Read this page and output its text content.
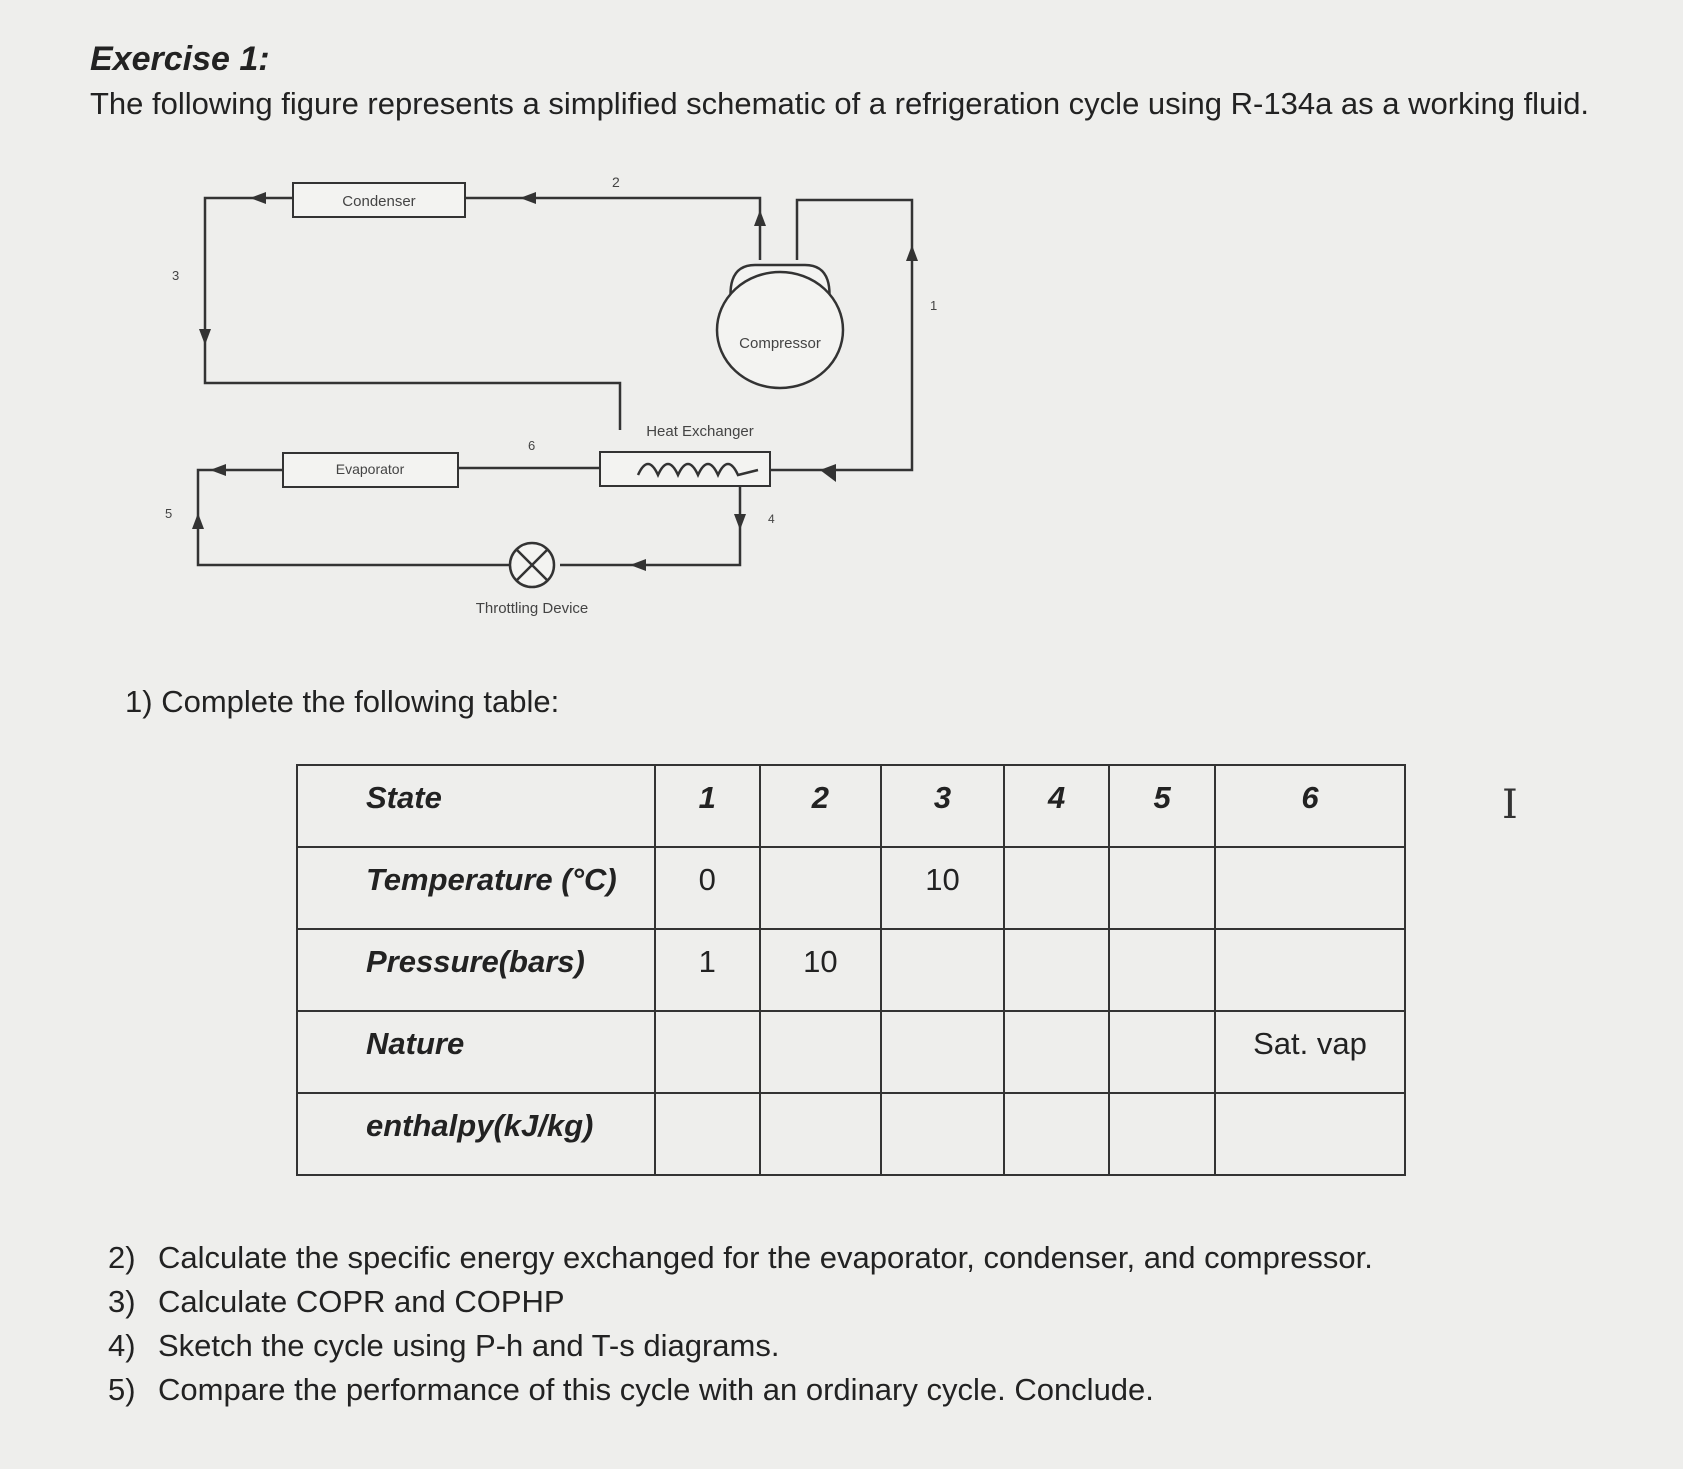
Exercise 1:
The following figure represents a simplified schematic of a refrigeration cycle using R-134a as a working fluid.
Condenser
Compressor
Heat Exchanger
Evaporator
Throttling Device
2
3
1
6
5	4
1) Complete the following table:
State	1	2	3	4	5	6
Temperature (°C)	0		10			
Pressure(bars)	1	10				
Nature						Sat. vap
enthalpy(kJ/kg)						
I
2) Calculate the specific energy exchanged for the evaporator, condenser, and compressor.
3) Calculate COPR and COPHP
4) Sketch the cycle using P-h and T-s diagrams.
5) Compare the performance of this cycle with an ordinary cycle. Conclude.
